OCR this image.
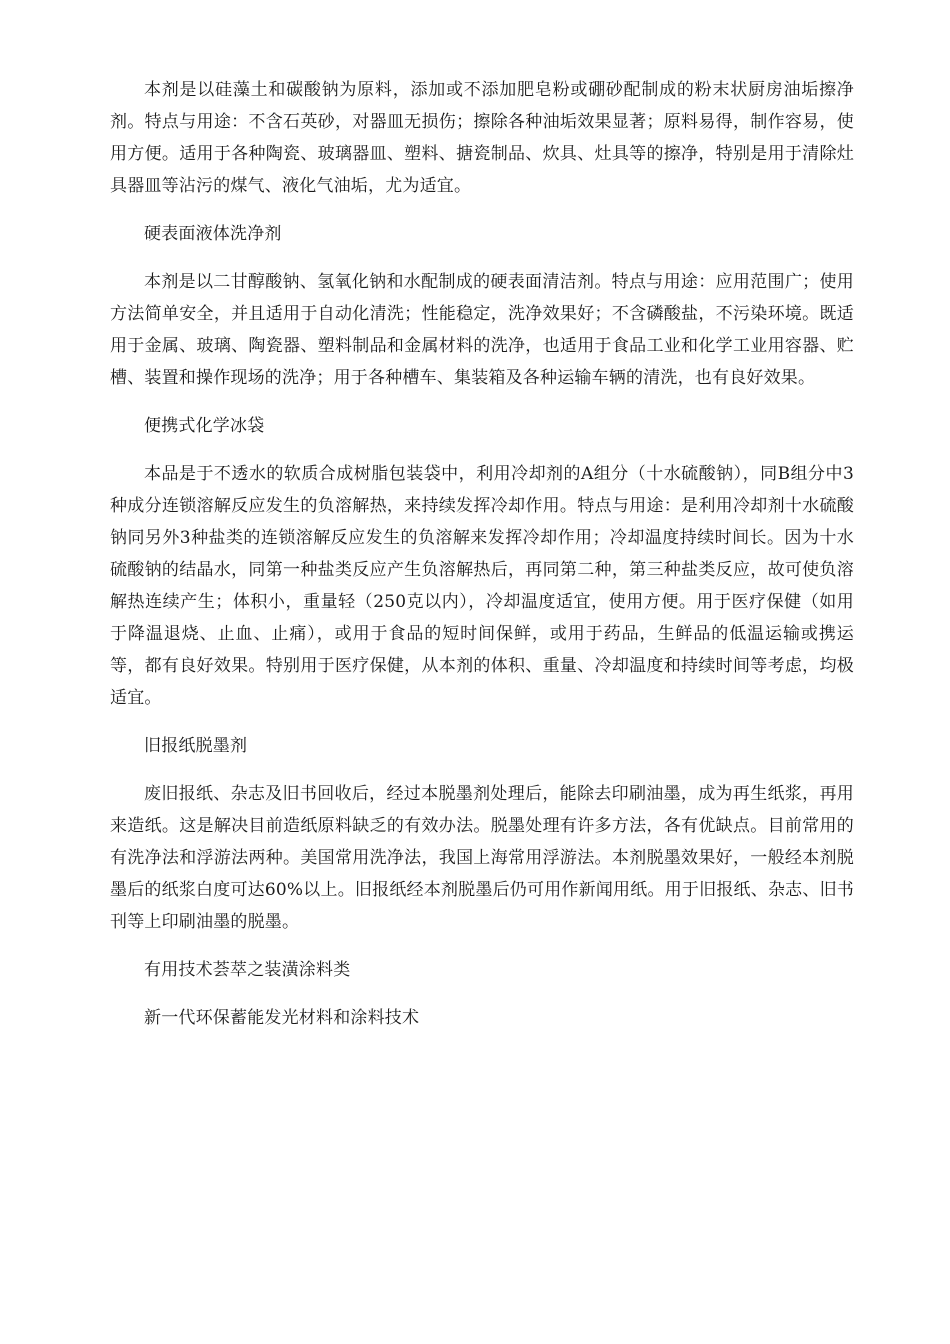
本剂是以硅藻土和碳酸钠为原料，添加或不添加肥皂粉或硼砂配制成的粉末状厨房油垢擦净剂。特点与用途：不含石英砂，对器皿无损伤；擦除各种油垢效果显著；原料易得，制作容易，使用方便。适用于各种陶瓷、玻璃器皿、塑料、搪瓷制品、炊具、灶具等的擦净，特别是用于清除灶具器皿等沾污的煤气、液化气油垢，尤为适宜。

硬表面液体洗净剂

本剂是以二甘醇酸钠、氢氧化钠和水配制成的硬表面清洁剂。特点与用途：应用范围广；使用方法简单安全，并且适用于自动化清洗；性能稳定，洗净效果好；不含磷酸盐，不污染环境。既适用于金属、玻璃、陶瓷器、塑料制品和金属材料的洗净，也适用于食品工业和化学工业用容器、贮槽、装置和操作现场的洗净；用于各种槽车、集装箱及各种运输车辆的清洗，也有良好效果。

便携式化学冰袋

本品是于不透水的软质合成树脂包装袋中，利用冷却剂的A组分（十水硫酸钠），同B组分中3种成分连锁溶解反应发生的负溶解热，来持续发挥冷却作用。特点与用途：是利用冷却剂十水硫酸钠同另外3种盐类的连锁溶解反应发生的负溶解来发挥冷却作用；冷却温度持续时间长。因为十水硫酸钠的结晶水，同第一种盐类反应产生负溶解热后，再同第二种，第三种盐类反应，故可使负溶解热连续产生；体积小，重量轻（250克以内），冷却温度适宜，使用方便。用于医疗保健（如用于降温退烧、止血、止痛），或用于食品的短时间保鲜，或用于药品，生鲜品的低温运输或携运等，都有良好效果。特别用于医疗保健，从本剂的体积、重量、冷却温度和持续时间等考虑，均极适宜。

旧报纸脱墨剂

废旧报纸、杂志及旧书回收后，经过本脱墨剂处理后，能除去印刷油墨，成为再生纸浆，再用来造纸。这是解决目前造纸原料缺乏的有效办法。脱墨处理有许多方法，各有优缺点。目前常用的有洗净法和浮游法两种。美国常用洗净法，我国上海常用浮游法。本剂脱墨效果好，一般经本剂脱墨后的纸浆白度可达60%以上。旧报纸经本剂脱墨后仍可用作新闻用纸。用于旧报纸、杂志、旧书刊等上印刷油墨的脱墨。

有用技术荟萃之装潢涂料类

新一代环保蓄能发光材料和涂料技术
